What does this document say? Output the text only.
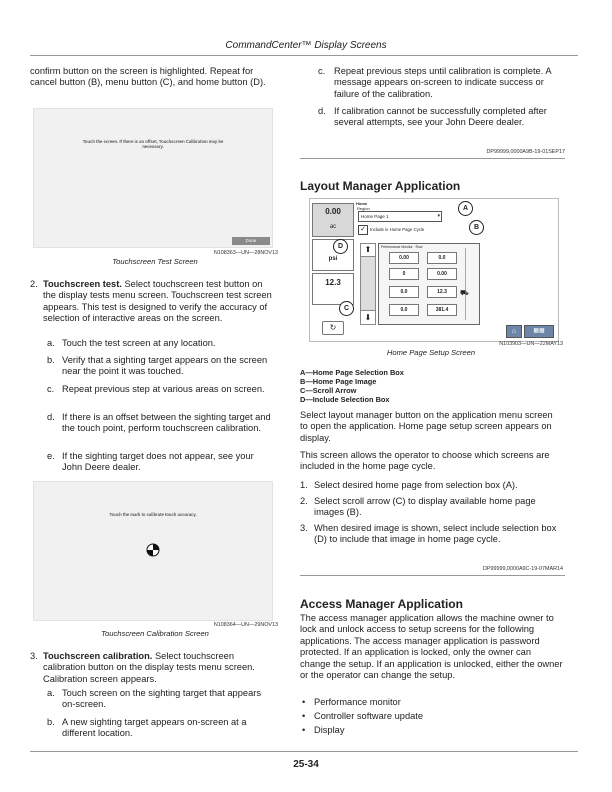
CommandCenter™ Display Screens
confirm button on the screen is highlighted. Repeat for cancel button (B), menu button (C), and home button (D).
Touch the screen. If there is an offset, Touchscreen Calibration may be necessary.
Done
N108363—UN—28NOV13
Touchscreen Test Screen
2. Touchscreen test. Select touchscreen test button on the display tests menu screen. Touchscreen test screen appears. This test is designed to verify the accuracy of selection of interactive areas on the screen.
a. Touch the test screen at any location.
b. Verify that a sighting target appears on the screen near the point it was touched.
c. Repeat previous step at various areas on screen.
d. If there is an offset between the sighting target and the touch point, perform touchscreen calibration.
e. If the sighting target does not appear, see your John Deere dealer.
Touch the mark to calibrate touch accuracy.
N108364—UN—29NOV13
Touchscreen Calibration Screen
3. Touchscreen calibration. Select touchscreen calibration button on the display tests menu screen. Calibration screen appears.
a. Touch screen on the sighting target that appears on-screen.
b. A new sighting target appears on-screen at a different location.
c. Repeat previous steps until calibration is complete. A message appears on-screen to indicate success or failure of the calibration.
d. If calibration cannot be successfully completed after several attempts, see your John Deere dealer.
DP99999,0000A9B-19-01SEP17
Layout Manager Application
0.00
ac
psi
12.3
↻
Home
Region
Home Page 1	▾
✓ Include in Home Page Cycle
⬆
⬇
Performance Monitor · Row
0.00	0.0
0	0.00
0.0	12.3
0.0	381.4
⌂	▦▦
⛟
A
B
C
D
N103903—UN—22MAY13
Home Page Setup Screen
A—Home Page Selection Box
B—Home Page Image
C—Scroll Arrow
D—Include Selection Box
Select layout manager button on the application menu screen to open the application. Home page setup screen appears on display.
This screen allows the operator to choose which screens are included in the home page cycle.
1. Select desired home page from selection box (A).
2. Select scroll arrow (C) to display available home page images (B).
3. When desired image is shown, select include selection box (D) to include that image in home page cycle.
DP99999,0000A9C-19-07MAR14
Access Manager Application
The access manager application allows the machine owner to lock and unlock access to setup screens for the following applications. The access manager application is password protected. If an application is locked, only the owner can change the setup. If an application is unlocked, either the owner or the operator can change the setup.
• Performance monitor
• Controller software update
• Display
25-34
